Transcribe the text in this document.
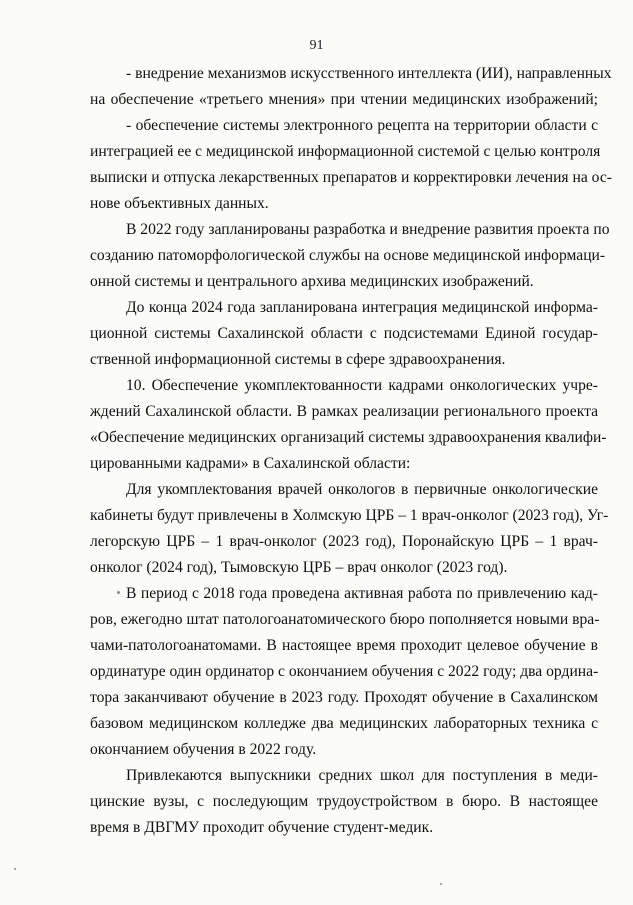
91
- внедрение механизмов искусственного интеллекта (ИИ), направленных
на обеспечение «третьего мнения» при чтении медицинских изображений;
- обеспечение системы электронного рецепта на территории области с
интеграцией ее с медицинской информационной системой с целью контроля
выписки и отпуска лекарственных препаратов и корректировки лечения на ос-
нове объективных данных.
В 2022 году запланированы разработка и внедрение развития проекта по
созданию патоморфологической службы на основе медицинской информаци-
онной системы и центрального архива медицинских изображений.
До конца 2024 года запланирована интеграция медицинской информа-
ционной системы Сахалинской области с подсистемами Единой государ-
ственной информационной системы в сфере здравоохранения.
10. Обеспечение укомплектованности кадрами онкологических учре-
ждений Сахалинской области. В рамках реализации регионального проекта
«Обеспечение медицинских организаций системы здравоохранения квалифи-
цированными кадрами» в Сахалинской области:
Для укомплектования врачей онкологов в первичные онкологические
кабинеты будут привлечены в Холмскую ЦРБ – 1 врач-онколог (2023 год), Уг-
легорскую ЦРБ – 1 врач-онколог (2023 год), Поронайскую ЦРБ – 1 врач-
онколог (2024 год), Тымовскую ЦРБ – врач онколог (2023 год).
В период с 2018 года проведена активная работа по привлечению кад-
ров, ежегодно штат патологоанатомического бюро пополняется новыми вра-
чами-патологоанатомами. В настоящее время проходит целевое обучение в
ординатуре один ординатор с окончанием обучения с 2022 году; два ордина-
тора заканчивают обучение в 2023 году. Проходят обучение в Сахалинском
базовом медицинском колледже два медицинских лабораторных техника с
окончанием обучения в 2022 году.
Привлекаются выпускники средних школ для поступления в меди-
цинские вузы, с последующим трудоустройством в бюро. В настоящее
время в ДВГМУ проходит обучение студент-медик.
